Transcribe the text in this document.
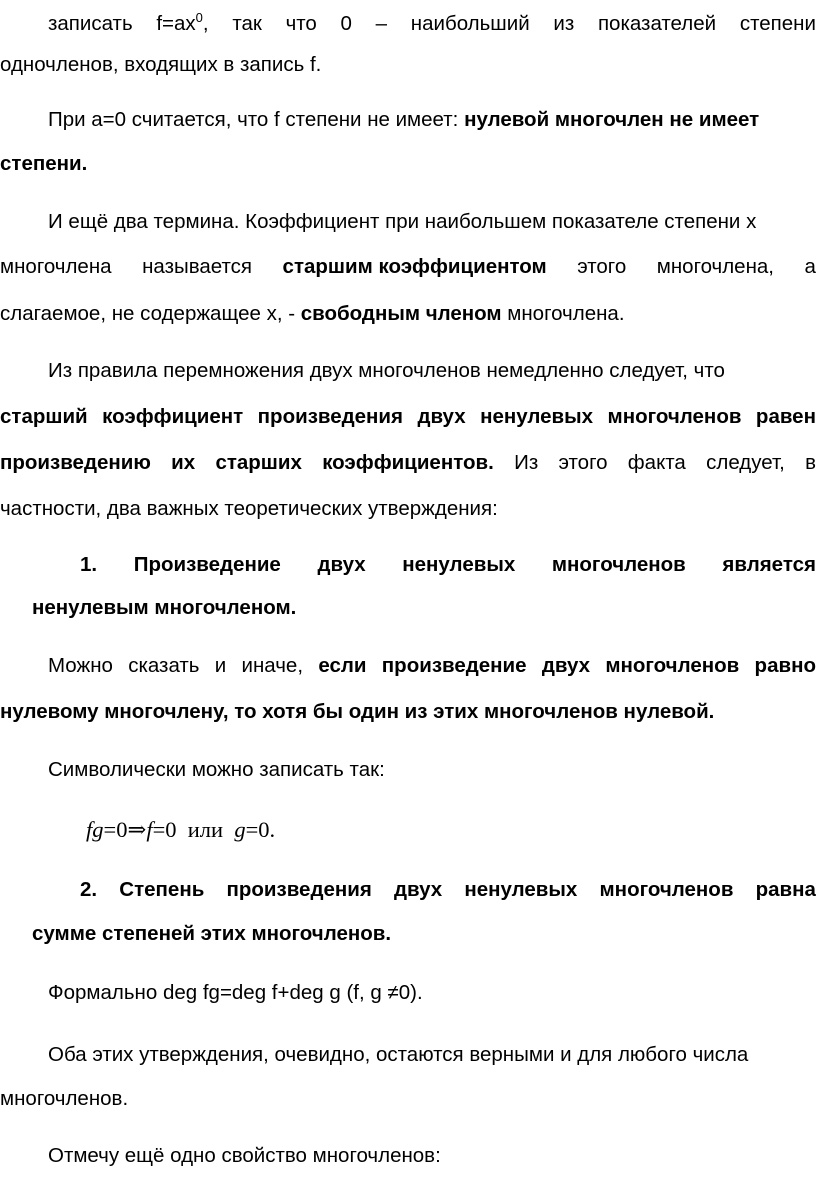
записать $f=ax^0$, так что 0 – наибольший из показателей степени
одночленов, входящих в запись f.
При a=0 считается, что f степени не имеет: нулевой многочлен не имеет
степени.
И ещё два термина. Коэффициент при наибольшем показателе степени x
многочлена называется старшим коэффициентом этого многочлена, а
слагаемое, не содержащее x, - свободным членом многочлена.
Из правила перемножения двух многочленов немедленно следует, что
старший коэффициент произведения двух ненулевых многочленов равен
произведению их старших коэффициентов. Из этого факта следует, в
частности, два важных теоретических утверждения:
1. Произведение двух ненулевых многочленов является
ненулевым многочленом.
Можно сказать и иначе, если произведение двух многочленов равно
нулевому многочлену, то хотя бы один из этих многочленов нулевой.
Символически можно записать так:
fg=0⇒f=0  или  g=0.
2. Степень произведения двух ненулевых многочленов равна
сумме степеней этих многочленов.
Формально deg fg=deg f+deg g (f, g ≠0).
Оба этих утверждения, очевидно, остаются верными и для любого числа
многочленов.
Отмечу ещё одно свойство многочленов:
